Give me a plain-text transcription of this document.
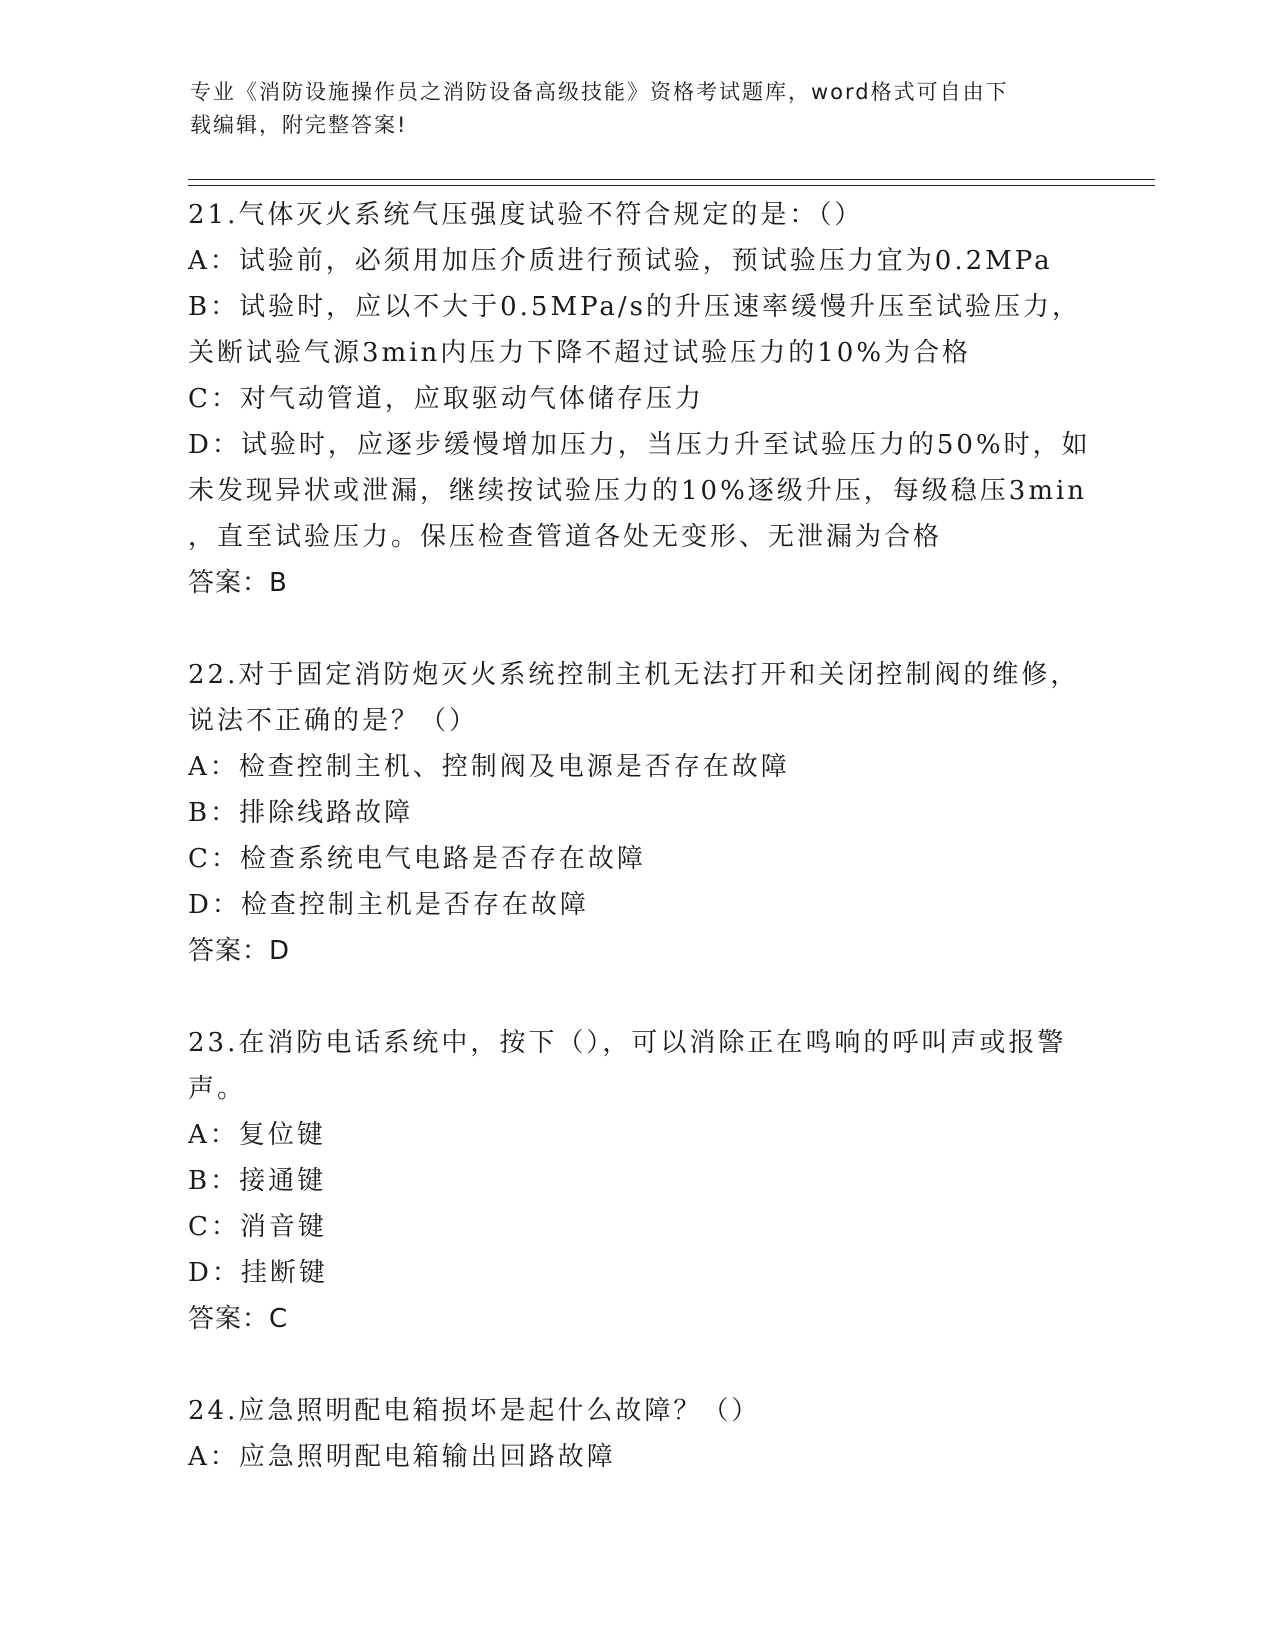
专业《消防设施操作员之消防设备高级技能》资格考试题库，word格式可自由下
载编辑，附完整答案!
21.气体灭火系统气压强度试验不符合规定的是：（）
A：试验前，必须用加压介质进行预试验，预试验压力宜为0.2MPa
B：试验时，应以不大于0.5MPa/s的升压速率缓慢升压至试验压力，
关断试验气源3min内压力下降不超过试验压力的10%为合格
C：对气动管道，应取驱动气体储存压力
D：试验时，应逐步缓慢增加压力，当压力升至试验压力的50%时，如
未发现异状或泄漏，继续按试验压力的10%逐级升压，每级稳压3min
，直至试验压力。保压检查管道各处无变形、无泄漏为合格
答案：B
22.对于固定消防炮灭火系统控制主机无法打开和关闭控制阀的维修，
说法不正确的是？（）
A：检查控制主机、控制阀及电源是否存在故障
B：排除线路故障
C：检查系统电气电路是否存在故障
D：检查控制主机是否存在故障
答案：D
23.在消防电话系统中，按下（），可以消除正在鸣响的呼叫声或报警
声。
A：复位键
B：接通键
C：消音键
D：挂断键
答案：C
24.应急照明配电箱损坏是起什么故障？（）
A：应急照明配电箱输出回路故障
